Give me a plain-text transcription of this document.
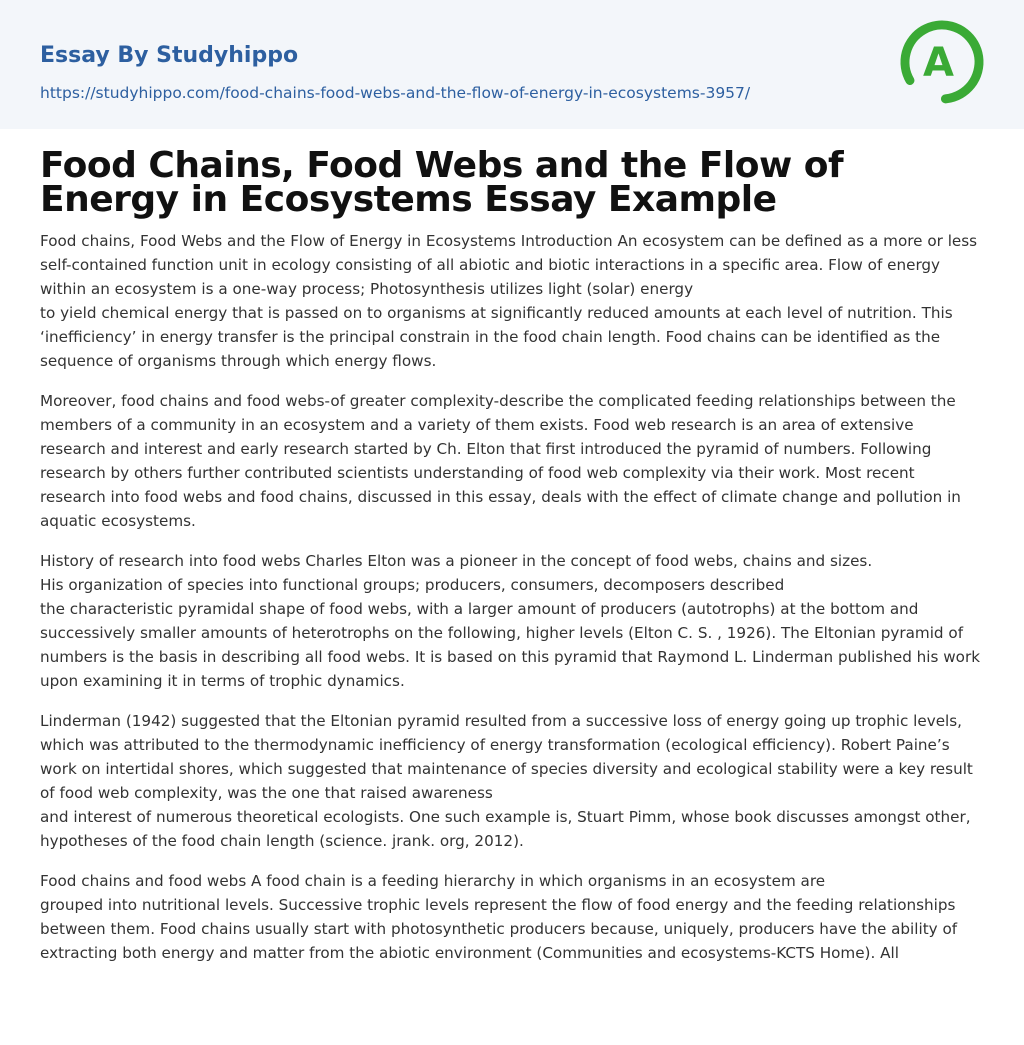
Essay By Studyhippo
https://studyhippo.com/food-chains-food-webs-and-the-flow-of-energy-in-ecosystems-3957/
A
Food Chains, Food Webs and the Flow of Energy in Ecosystems Essay Example

Food chains, Food Webs and the Flow of Energy in Ecosystems Introduction An ecosystem can be defined as a more or less self-contained function unit in ecology consisting of all abiotic and biotic interactions in a specific area. Flow of energy within an ecosystem is a one-way process; Photosynthesis utilizes light (solar) energy
to yield chemical energy that is passed on to organisms at significantly reduced amounts at each level of nutrition. This ‘inefficiency’ in energy transfer is the principal constrain in the food chain length. Food chains can be identified as the sequence of organisms through which energy flows.

Moreover, food chains and food webs-of greater complexity-describe the complicated feeding relationships between the members of a community in an ecosystem and a variety of them exists. Food web research is an area of extensive research and interest and early research started by Ch. Elton that first introduced the pyramid of numbers. Following research by others further contributed scientists understanding of food web complexity via their work. Most recent research into food webs and food chains, discussed in this essay, deals with the effect of climate change and pollution in aquatic ecosystems.

History of research into food webs Charles Elton was a pioneer in the concept of food webs, chains and sizes.
His organization of species into functional groups; producers, consumers, decomposers described
the characteristic pyramidal shape of food webs, with a larger amount of producers (autotrophs) at the bottom and successively smaller amounts of heterotrophs on the following, higher levels (Elton C. S. , 1926). The Eltonian pyramid of numbers is the basis in describing all food webs. It is based on this pyramid that Raymond L. Linderman published his work upon examining it in terms of trophic dynamics.

Linderman (1942) suggested that the Eltonian pyramid resulted from a successive loss of energy going up trophic levels, which was attributed to the thermodynamic inefficiency of energy transformation (ecological efficiency). Robert Paine’s work on intertidal shores, which suggested that maintenance of species diversity and ecological stability were a key result of food web complexity, was the one that raised awareness
and interest of numerous theoretical ecologists. One such example is, Stuart Pimm, whose book discusses amongst other, hypotheses of the food chain length (science. jrank. org, 2012).

Food chains and food webs A food chain is a feeding hierarchy in which organisms in an ecosystem are
grouped into nutritional levels. Successive trophic levels represent the flow of food energy and the feeding relationships between them. Food chains usually start with photosynthetic producers because, uniquely, producers have the ability of extracting both energy and matter from the abiotic environment (Communities and ecosystems-KCTS Home). All
